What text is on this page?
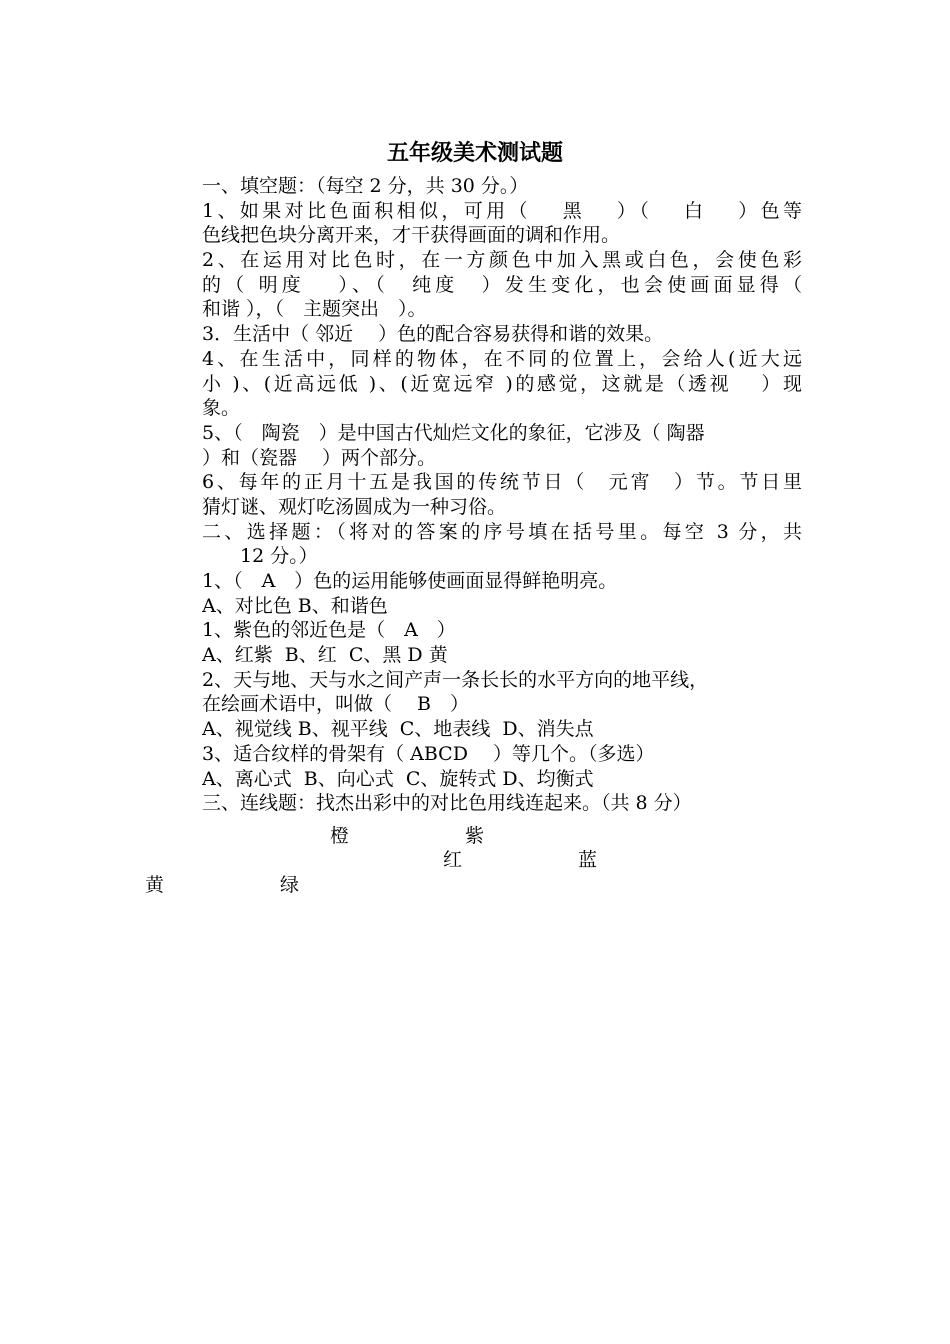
五年级美术测试题
一、填空题：（每空 2 分，共 30 分。）
1、如果对比色面积相似，可用（　 黑　 ）（　 白　 ）色等
色线把色块分离开来，才干获得画面的调和作用。
2、在运用对比色时，在一方颜色中加入黑或白色，会使色彩
的（ 明度　 ）、（　纯度　）发生变化，也会使画面显得（
和谐 ），（　主题突出　）。
3．生活中（ 邻近　 ）色的配合容易获得和谐的效果。
4、在生活中，同样的物体，在不同的位置上，会给人(近大远
小 )、(近高远低 )、(近宽远窄 )的感觉，这就是（透视　 ）现
象。
5、（　陶瓷　）是中国古代灿烂文化的象征，它涉及（ 陶器
）和（瓷器　 ）两个部分。
6、每年的正月十五是我国的传统节日（　元宵　）节。节日里
猜灯谜、观灯吃汤圆成为一种习俗。
二、选择题：（将对的答案的序号填在括号里。每空 3 分，共
12 分。）
1、（　A　）色的运用能够使画面显得鲜艳明亮。
A、对比色 B、和谐色
1、紫色的邻近色是（　A　）
A、红紫  B、红  C、黑 D 黄
2、天与地、天与水之间产声一条长长的水平方向的地平线，
在绘画术语中，叫做（　 B　）
A、视觉线 B、视平线  C、地表线  D、消失点
3、适合纹样的骨架有（ ABCD　 ）等几个。（多选）
A、离心式  B、向心式  C、旋转式 D、均衡式
三、连线题：找杰出彩中的对比色用线连起来。（共 8 分）
橙	紫
红	蓝
黄	绿
